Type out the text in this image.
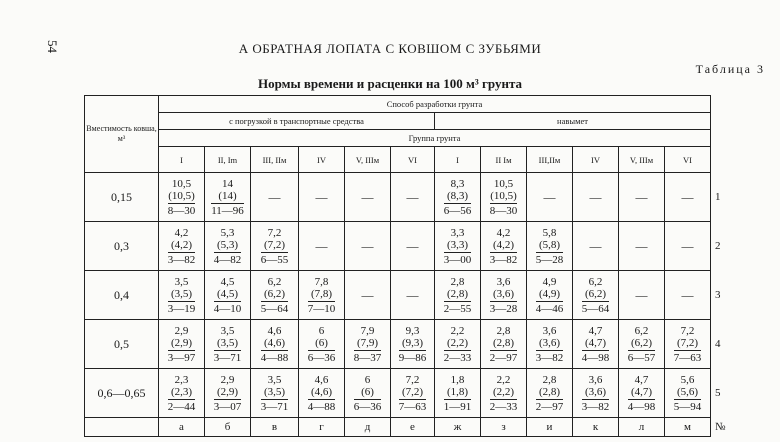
54	А ОБРАТНАЯ ЛОПАТА С КОВШОМ С ЗУБЬЯМИ
Таблица 3
Нормы времени и расценки на 100 м³ грунта
Вместимость ковша, м³	Способ разработки грунта												
	с погрузкой в транспортные средства						навымет						
	Группа грунта												
	I	II, Im	III, IIм	IV	V, IIIм	VI	I	II Iм	III,IIм	IV	V, IIIм	VI	
0,15	10,5
(10,5)
8—30	14
(14)
11—96	—	—	—	—	8,3
(8,3)
6—56	10,5
(10,5)
8—30	—	—	—	—	1
0,3	4,2
(4,2)
3—82	5,3
(5,3)
4—82	7,2
(7,2)
6—55	—	—	—	3,3
(3,3)
3—00	4,2
(4,2)
3—82	5,8
(5,8)
5—28	—	—	—	2
0,4	3,5
(3,5)
3—19	4,5
(4,5)
4—10	6,2
(6,2)
5—64	7,8
(7,8)
7—10	—	—	2,8
(2,8)
2—55	3,6
(3,6)
3—28	4,9
(4,9)
4—46	6,2
(6,2)
5—64	—	—	3
0,5	2,9
(2,9)
3—97	3,5
(3,5)
3—71	4,6
(4,6)
4—88	6
(6)
6—36	7,9
(7,9)
8—37	9,3
(9,3)
9—86	2,2
(2,2)
2—33	2,8
(2,8)
2—97	3,6
(3,6)
3—82	4,7
(4,7)
4—98	6,2
(6,2)
6—57	7,2
(7,2)
7—63	4
0,6—0,65	2,3
(2,3)
2—44	2,9
(2,9)
3—07	3,5
(3,5)
3—71	4,6
(4,6)
4—88	6
(6)
6—36	7,2
(7,2)
7—63	1,8
(1,8)
1—91	2,2
(2,2)
2—33	2,8
(2,8)
2—97	3,6
(3,6)
3—82	4,7
(4,7)
4—98	5,6
(5,6)
5—94	5
	а	б	в	г	д	е	ж	з	и	к	л	м	№
